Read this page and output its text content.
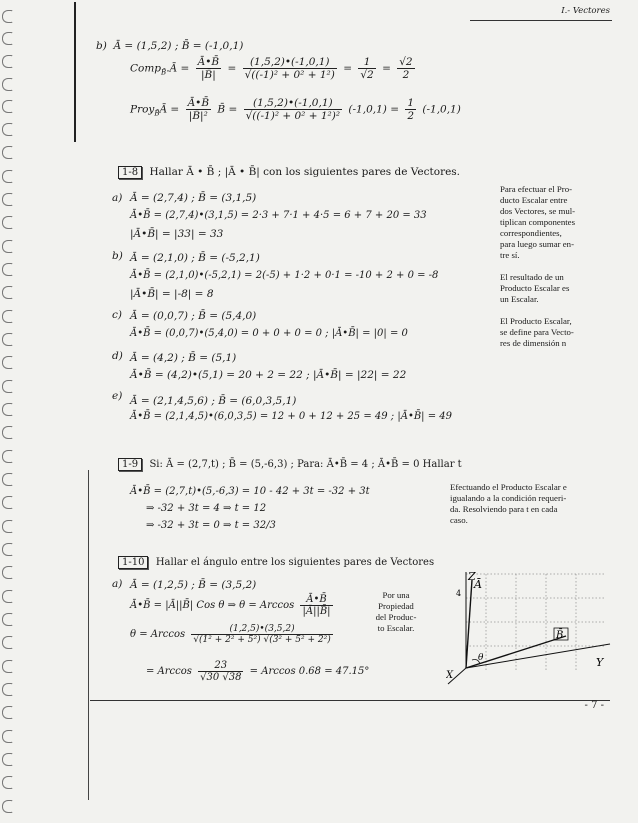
I.- Vectores
b) Ā = (1,5,2) ; B̄ = (-1,0,1)
Comp$_{B̄}$.Ā = $\frac{Ā•B̄}{|B̄|} = \frac{(1,5,2)•(-1,0,1)}{\text{√((-1)² + 0² + 1²)}} = \frac{1}{√2} = \frac{√2}{2}$
Proy$_{B̄}$Ā = $\frac{Ā•B̄}{\text{|B̄|²}}$ B̄ = $\frac{(1,5,2)•(-1,0,1)}{\text{√((-1)² + 0² + 1²)²}} (-1,0,1) = \frac{1}{2} (-1,0,1)$
1-8 Hallar Ā • B̄ ; |Ā • B̄| con los siguientes pares de Vectores.
a) Ā = (2,7,4) ; B̄ = (3,1,5)
Ā•B̄ = (2,7,4)•(3,1,5) = 2·3 + 7·1 + 4·5 = 6 + 7 + 20 = 33
|Ā•B̄| = |33| = 33
b) Ā = (2,1,0) ; B̄ = (-5,2,1)
Ā•B̄ = (2,1,0)•(-5,2,1) = 2(-5) + 1·2 + 0·1 = -10 + 2 + 0 = -8
|Ā•B̄| = |-8| = 8
c) Ā = (0,0,7) ; B̄ = (5,4,0)
Ā•B̄ = (0,0,7)•(5,4,0) = 0 + 0 + 0 = 0 ; |Ā•B̄| = |0| = 0
d) Ā = (4,2) ; B̄ = (5,1)
Ā•B̄ = (4,2)•(5,1) = 20 + 2 = 22 ; |Ā•B̄| = |22| = 22
e) Ā = (2,1,4,5,6) ; B̄ = (6,0,3,5,1)
Ā•B̄ = (2,1,4,5)•(6,0,3,5) = 12 + 0 + 12 + 25 = 49 ; |Ā•B̄| = 49
Para efectuar el Pro-
ducto Escalar entre
dos Vectores, se mul-
tiplican componentes
correspondientes,
para luego sumar en-
tre sí.

El resultado de un
Producto Escalar es
un Escalar.

El Producto Escalar,
se define para Vecto-
res de dimensión n
1-9 Si: Ā = (2,7,t) ; B̄ = (5,-6,3) ; Para: Ā•B̄ = 4 ; Ā•B̄ = 0 Hallar t
Ā•B̄ = (2,7,t)•(5,-6,3) = 10 - 42 + 3t = -32 + 3t
⇒ -32 + 3t = 4 ⇒ t = 12
⇒ -32 + 3t = 0 ⇒ t = 32/3
Efectuando el Producto Escalar e
igualando a la condición requeri-
da. Resolviendo para t en cada
caso.
1-10 Hallar el ángulo entre los siguientes pares de Vectores
a) Ā = (1,2,5) ; B̄ = (3,5,2)
Ā•B̄ = |Ā||B̄| Cos θ ⇒ θ = Arccos $\frac{Ā•B̄}{|Ā||B̄|}$
θ = Arccos $\frac{(1,2,5)•(3,5,2)}{\text{√(1² + 2² + 5²) √(3² + 5² + 2²)}}$
= Arccos $\frac{23}{√30 √38} = Arccos$ 0.68 = 47.15°
Por una
Propiedad
del Produc-
to Escalar.
Z
Y
X
Ā
B̄
θ
4
- 7 -
